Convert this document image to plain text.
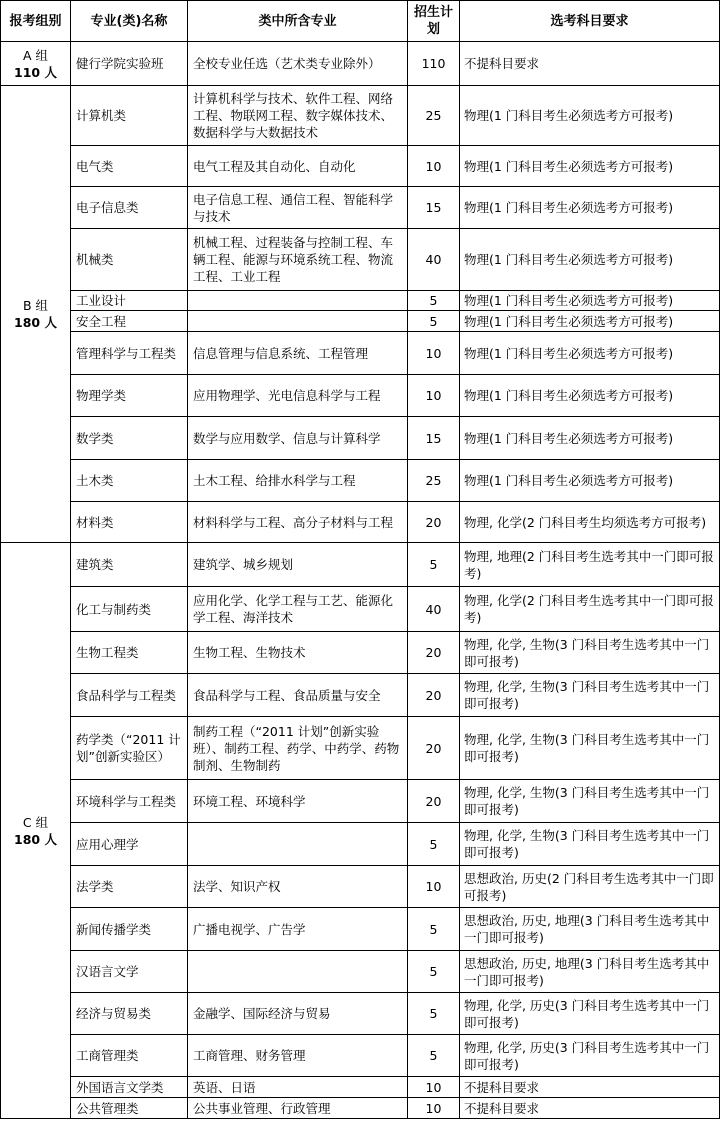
报考组别	专业(类)名称	类中所含专业	招生计划	选考科目要求

A 组
110 人	健行学院实验班	全校专业任选（艺术类专业除外）	110	不提科目要求

B 组
180 人	计算机类	计算机科学与技术、软件工程、网络工程、物联网工程、数字媒体技术、数据科学与大数据技术	25	物理(1 门科目考生必须选考方可报考)
	电气类	电气工程及其自动化、自动化	10	物理(1 门科目考生必须选考方可报考)
	电子信息类	电子信息工程、通信工程、智能科学与技术	15	物理(1 门科目考生必须选考方可报考)
	机械类	机械工程、过程装备与控制工程、车辆工程、能源与环境系统工程、物流工程、工业工程	40	物理(1 门科目考生必须选考方可报考)
	工业设计		5	物理(1 门科目考生必须选考方可报考)
	安全工程		5	物理(1 门科目考生必须选考方可报考)
	管理科学与工程类	信息管理与信息系统、工程管理	10	物理(1 门科目考生必须选考方可报考)
	物理学类	应用物理学、光电信息科学与工程	10	物理(1 门科目考生必须选考方可报考)
	数学类	数学与应用数学、信息与计算科学	15	物理(1 门科目考生必须选考方可报考)
	土木类	土木工程、给排水科学与工程	25	物理(1 门科目考生必须选考方可报考)
	材料类	材料科学与工程、高分子材料与工程	20	物理, 化学(2 门科目考生均须选考方可报考)

C 组
180 人	建筑类	建筑学、城乡规划	5	物理, 地理(2 门科目考生选考其中一门即可报考)
	化工与制药类	应用化学、化学工程与工艺、能源化学工程、海洋技术	40	物理, 化学(2 门科目考生选考其中一门即可报考)
	生物工程类	生物工程、生物技术	20	物理, 化学, 生物(3 门科目考生选考其中一门即可报考)
	食品科学与工程类	食品科学与工程、食品质量与安全	20	物理, 化学, 生物(3 门科目考生选考其中一门即可报考)
	药学类（“2011 计划”创新实验区）	制药工程（“2011 计划”创新实验班）、制药工程、药学、中药学、药物制剂、生物制药	20	物理, 化学, 生物(3 门科目考生选考其中一门即可报考)
	环境科学与工程类	环境工程、环境科学	20	物理, 化学, 生物(3 门科目考生选考其中一门即可报考)
	应用心理学		5	物理, 化学, 生物(3 门科目考生选考其中一门即可报考)
	法学类	法学、知识产权	10	思想政治, 历史(2 门科目考生选考其中一门即可报考)
	新闻传播学类	广播电视学、广告学	5	思想政治, 历史, 地理(3 门科目考生选考其中一门即可报考)
	汉语言文学		5	思想政治, 历史, 地理(3 门科目考生选考其中一门即可报考)
	经济与贸易类	金融学、国际经济与贸易	5	物理, 化学, 历史(3 门科目考生选考其中一门即可报考)
	工商管理类	工商管理、财务管理	5	物理, 化学, 历史(3 门科目考生选考其中一门即可报考)
	外国语言文学类	英语、日语	10	不提科目要求
	公共管理类	公共事业管理、行政管理	10	不提科目要求
